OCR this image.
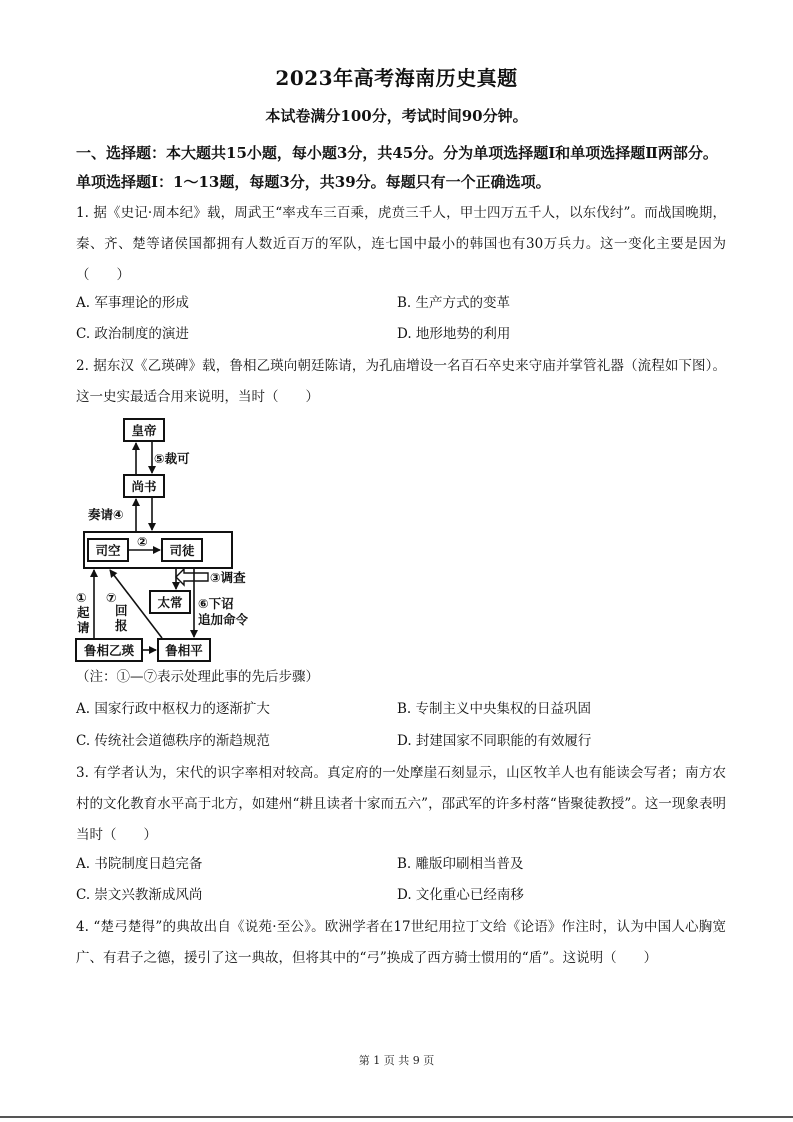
2023年高考海南历史真题
本试卷满分100分，考试时间90分钟。
一、选择题：本大题共15小题，每小题3分，共45分。分为单项选择题Ⅰ和单项选择题Ⅱ两部分。单项选择题Ⅰ：1～13题，每题3分，共39分。每题只有一个正确选项。
1. 据《史记·周本纪》载，周武王“率戎车三百乘，虎贲三千人，甲士四万五千人，以东伐纣”。而战国晚期，秦、齐、楚等诸侯国都拥有人数近百万的军队，连七国中最小的韩国也有30万兵力。这一变化主要是因为（　　）
A. 军事理论的形成	B. 生产方式的变革
C. 政治制度的演进	D. 地形地势的利用
2. 据东汉《乙瑛碑》载，鲁相乙瑛向朝廷陈请，为孔庙增设一名百石卒史来守庙并掌管礼器（流程如下图）。这一史实最适合用来说明，当时（　　）
皇帝
尚书
司空	司徒
太常
鲁相乙瑛 鲁相平
⑤裁可
奏请④
②
③调查
⑥下诏
追加命令
①
起
请
⑦
回
报
（注：①—⑦表示处理此事的先后步骤）
A. 国家行政中枢权力的逐渐扩大	B. 专制主义中央集权的日益巩固
C. 传统社会道德秩序的渐趋规范	D. 封建国家不同职能的有效履行
3. 有学者认为，宋代的识字率相对较高。真定府的一处摩崖石刻显示，山区牧羊人也有能读会写者；南方农村的文化教育水平高于北方，如建州“耕且读者十家而五六”，邵武军的许多村落“皆聚徒教授”。这一现象表明当时（　　）
A. 书院制度日趋完备	B. 雕版印刷相当普及
C. 崇文兴教渐成风尚	D. 文化重心已经南移
4. “楚弓楚得”的典故出自《说苑·至公》。欧洲学者在17世纪用拉丁文给《论语》作注时，认为中国人心胸宽广、有君子之德，援引了这一典故，但将其中的“弓”换成了西方骑士惯用的“盾”。这说明（　　）
第 1 页 共 9 页
